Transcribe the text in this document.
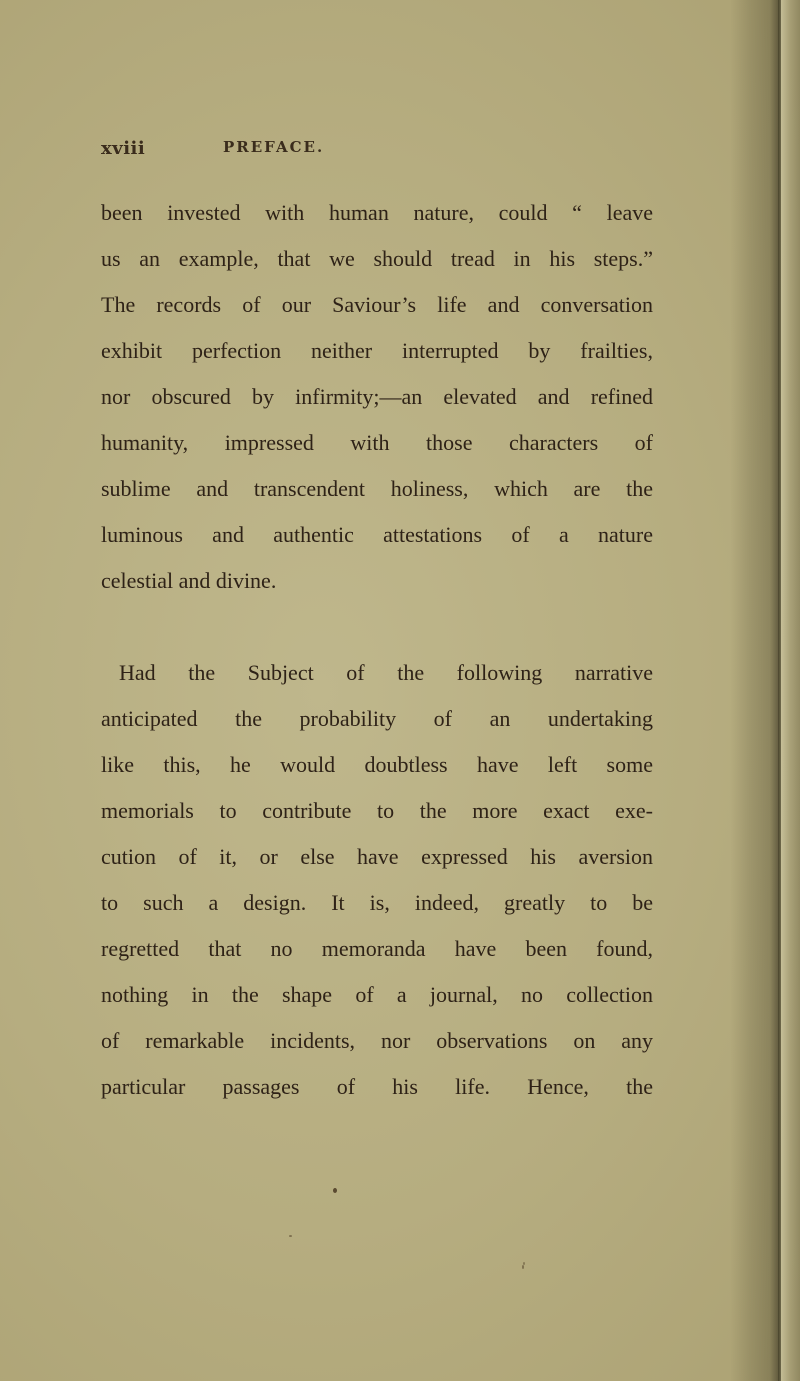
xviii	PREFACE.
been invested with human nature, could “ leave
us an example, that we should tread in his steps.”
The records of our Saviour’s life and conversation
exhibit perfection neither interrupted by frailties,
nor obscured by infirmity;—an elevated and refined
humanity, impressed with those characters of
sublime and transcendent holiness, which are the
luminous and authentic attestations of a nature
celestial and divine.
Had the Subject of the following narrative
anticipated the probability of an undertaking
like this, he would doubtless have left some
memorials to contribute to the more exact exe-
cution of it, or else have expressed his aversion
to such a design. It is, indeed, greatly to be
regretted that no memoranda have been found,
nothing in the shape of a journal, no collection
of remarkable incidents, nor observations on any
particular passages of his life. Hence, the
